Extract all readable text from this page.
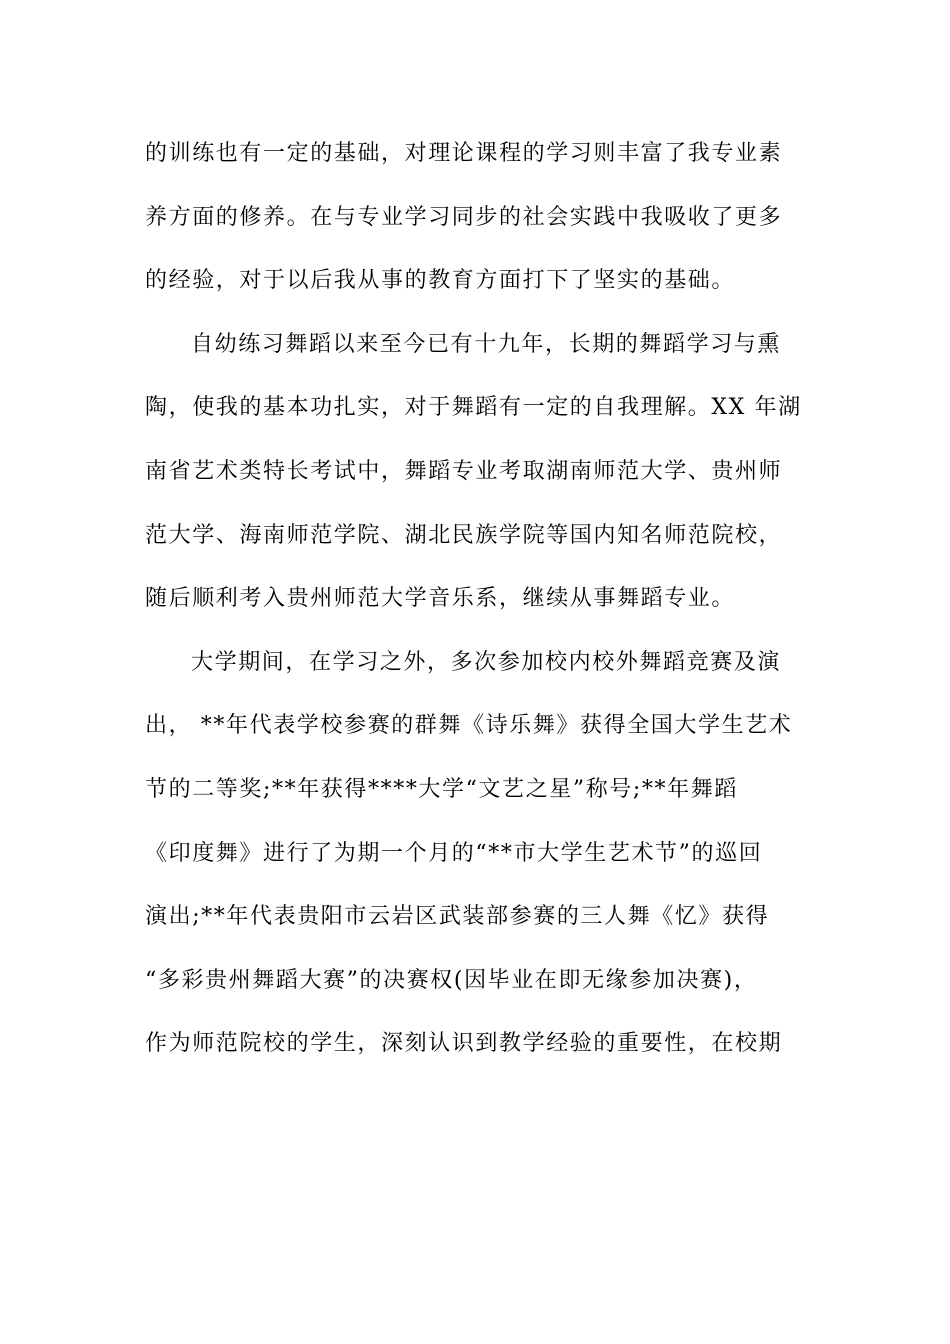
的训练也有一定的基础，对理论课程的学习则丰富了我专业素
养方面的修养。在与专业学习同步的社会实践中我吸收了更多
的经验，对于以后我从事的教育方面打下了坚实的基础。
自幼练习舞蹈以来至今已有十九年，长期的舞蹈学习与熏
陶，使我的基本功扎实，对于舞蹈有一定的自我理解。XX 年湖
南省艺术类特长考试中，舞蹈专业考取湖南师范大学、贵州师
范大学、海南师范学院、湖北民族学院等国内知名师范院校，
随后顺利考入贵州师范大学音乐系，继续从事舞蹈专业。
大学期间，在学习之外，多次参加校内校外舞蹈竞赛及演
出， **年代表学校参赛的群舞《诗乐舞》获得全国大学生艺术
节的二等奖;**年获得****大学“文艺之星”称号;**年舞蹈
《印度舞》进行了为期一个月的“**市大学生艺术节”的巡回
演出;**年代表贵阳市云岩区武装部参赛的三人舞《忆》获得
“多彩贵州舞蹈大赛”的决赛权(因毕业在即无缘参加决赛)，
作为师范院校的学生，深刻认识到教学经验的重要性，在校期
